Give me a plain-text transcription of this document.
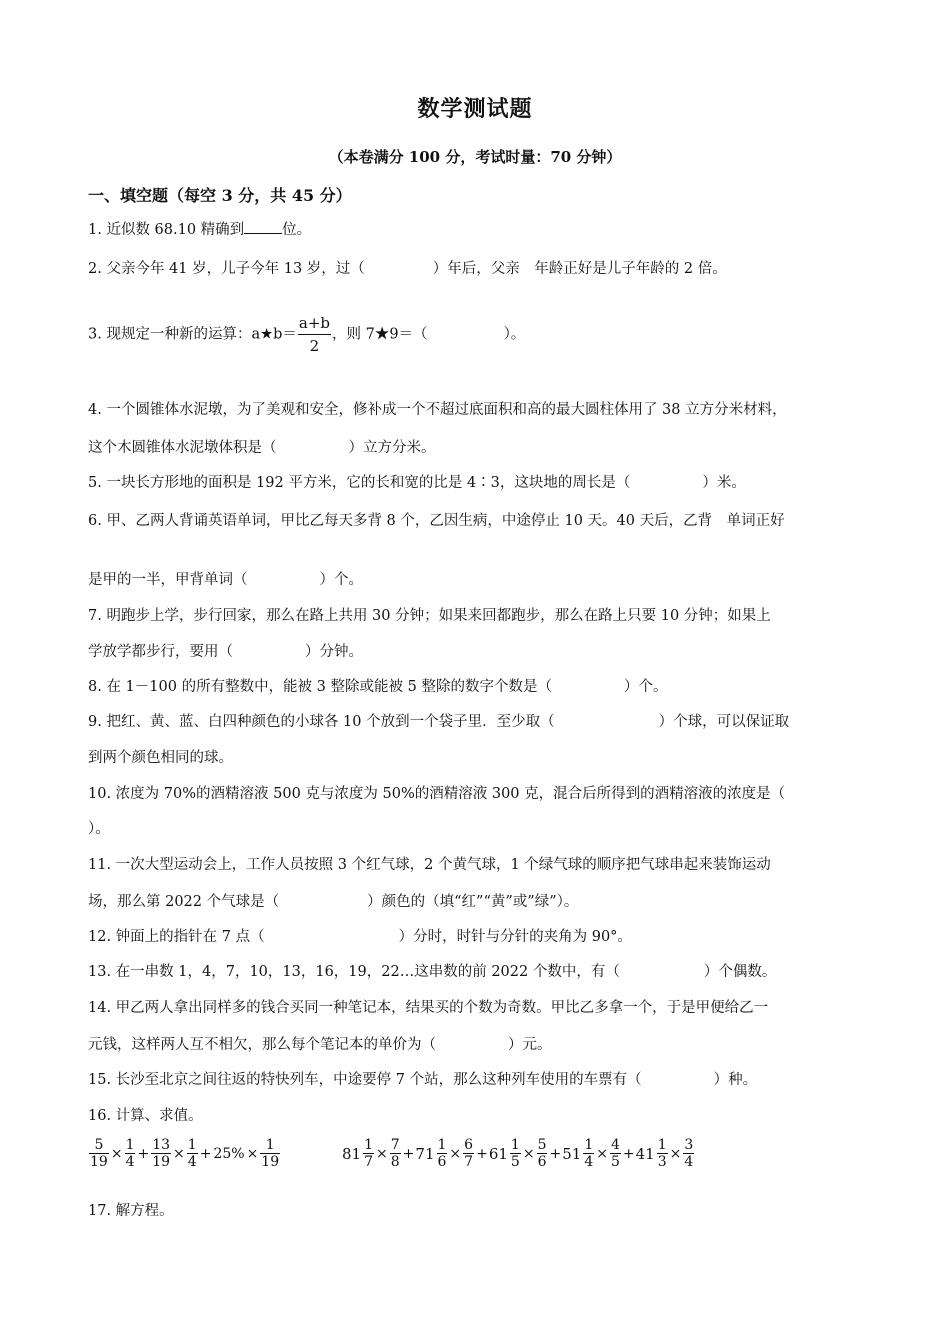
数学测试题
（本卷满分 100 分，考试时量：70 分钟）
一、填空题（每空 3 分，共 45 分）
1. 近似数 68.10 精确到	位。
2. 父亲今年 41 岁，儿子今年 13 岁，过（	）年后，父亲　年龄正好是儿子年龄的 2 倍。
3. 现规定一种新的运算：a★b＝ $\frac{a+b}{2}$ ，则 7★9＝（	）。
4. 一个圆锥体水泥墩，为了美观和安全，修补成一个不超过底面积和高的最大圆柱体用了 38 立方分米材料，
这个木圆锥体水泥墩体积是（	）立方分米。
5. 一块长方形地的面积是 192 平方米，它的长和宽的比是 4∶3，这块地的周长是（	）米。
6. 甲、乙两人背诵英语单词，甲比乙每天多背 8 个，乙因生病，中途停止 10 天。40 天后，乙背　单词正好
是甲的一半，甲背单词（	）个。
7. 明跑步上学，步行回家，那么在路上共用 30 分钟；如果来回都跑步，那么在路上只要 10 分钟；如果上
学放学都步行，要用（	）分钟。
8. 在 1－100 的所有整数中，能被 3 整除或能被 5 整除的数字个数是（	）个。
9. 把红、黄、蓝、白四种颜色的小球各 10 个放到一个袋子里．至少取（	）个球，可以保证取
到两个颜色相同的球。
10. 浓度为 70%的酒精溶液 500 克与浓度为 50%的酒精溶液 300 克，混合后所得到的酒精溶液的浓度是（
）。
11. 一次大型运动会上，工作人员按照 3 个红气球，2 个黄气球，1 个绿气球的顺序把气球串起来装饰运动
场，那么第 2022 个气球是（	）颜色的（填“红”“黄”或”绿”）。
12. 钟面上的指针在 7 点（	）分时，时针与分针的夹角为 90°。
13. 在一串数 1，4，7，10，13，16，19，22…这串数的前 2022 个数中，有（	）个偶数。
14. 甲乙两人拿出同样多的钱合买同一种笔记本，结果买的个数为奇数。甲比乙多拿一个，于是甲便给乙一
元钱，这样两人互不相欠，那么每个笔记本的单价为（	）元。
15. 长沙至北京之间往返的特快列车，中途要停 7 个站，那么这种列车使用的车票有（	）种。
16. 计算、求值。
$\frac{5}{19} \times \frac{1}{4} + \frac{13}{19} \times \frac{1}{4} + 25\% \times \frac{1}{19}$	$81 \frac{1}{7} \times \frac{7}{8} +71 \frac{1}{6} \times \frac{6}{7} +61 \frac{1}{5} \times \frac{5}{6} +51 \frac{1}{4} \times \frac{4}{5} +41 \frac{1}{3} \times \frac{3}{4}$
17. 解方程。
